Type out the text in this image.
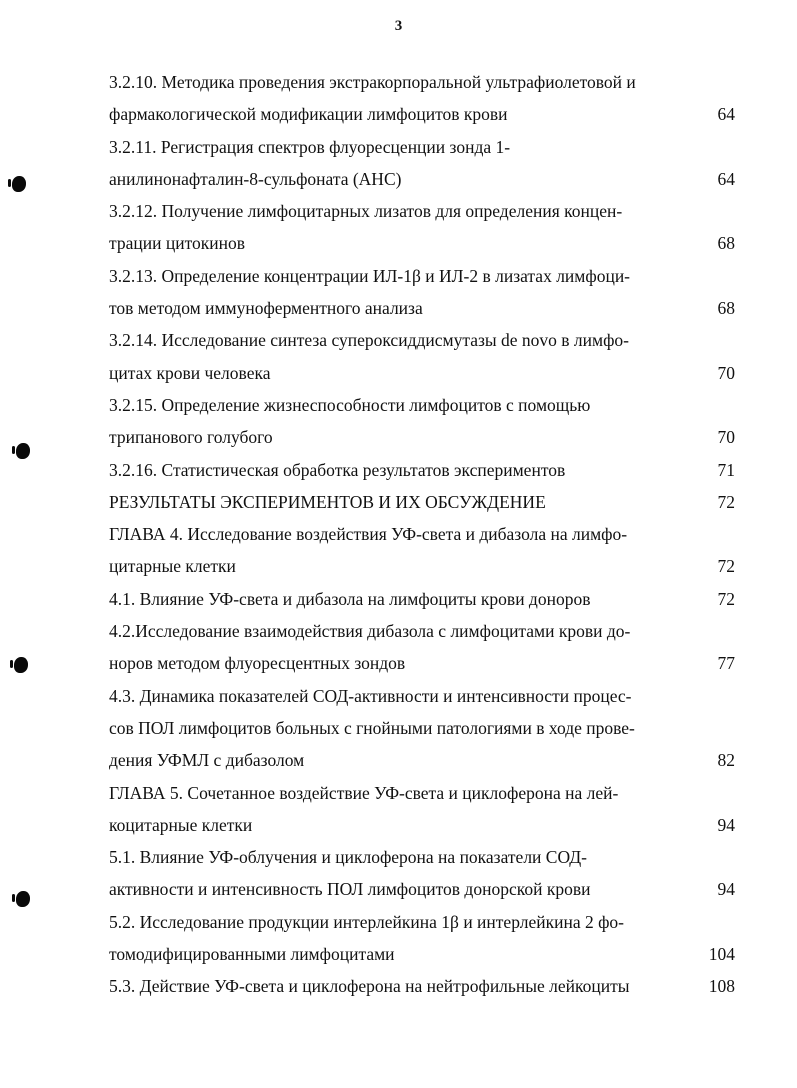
3
3.2.10. Методика проведения экстракорпоральной ультрафиолетовой и
фармакологической модификации лимфоцитов крови	64
3.2.11. Регистрация спектров флуоресценции зонда 1-
анилинонафталин-8-сульфоната (АНС)	64
3.2.12. Получение лимфоцитарных лизатов для определения концен-
трации цитокинов	68
3.2.13. Определение концентрации ИЛ-1β и ИЛ-2 в лизатах лимфоци-
тов методом иммуноферментного анализа	68
3.2.14. Исследование синтеза супероксиддисмутазы de novo в лимфо-
цитах крови человека	70
3.2.15. Определение жизнеспособности лимфоцитов с помощью
трипанового голубого	70
3.2.16. Статистическая обработка результатов экспериментов	71
РЕЗУЛЬТАТЫ ЭКСПЕРИМЕНТОВ И ИХ ОБСУЖДЕНИЕ	72
ГЛАВА 4. Исследование воздействия УФ-света и дибазола на лимфо-
цитарные клетки	72
4.1. Влияние УФ-света и дибазола на лимфоциты крови доноров	72
4.2.Исследование взаимодействия дибазола с лимфоцитами крови до-
норов методом флуоресцентных зондов	77
4.3. Динамика показателей СОД-активности и интенсивности процес-
сов ПОЛ лимфоцитов больных с гнойными патологиями в ходе прове-
дения УФМЛ с дибазолом	82
ГЛАВА 5. Сочетанное воздействие УФ-света и циклоферона на лей-
коцитарные клетки	94
5.1. Влияние УФ-облучения и циклоферона на показатели СОД-
активности и интенсивность ПОЛ лимфоцитов донорской крови	94
5.2. Исследование продукции интерлейкина 1β и интерлейкина 2 фо-
томодифицированными лимфоцитами	104
5.3. Действие УФ-света и циклоферона на нейтрофильные лейкоциты	108
